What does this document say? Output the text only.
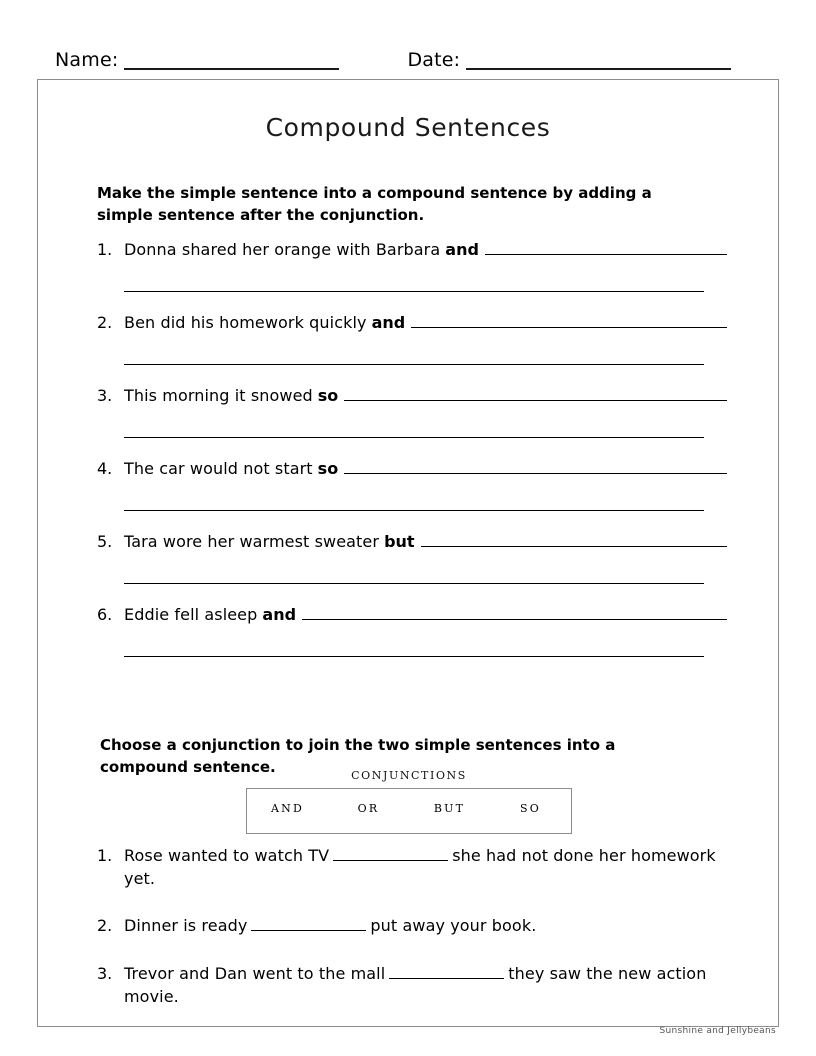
Name:	Date:
Compound Sentences
Make the simple sentence into a compound sentence by adding a simple sentence after the conjunction.
1. Donna shared her orange with Barbara and
2. Ben did his homework quickly and
3. This morning it snowed so
4. The car would not start so
5. Tara wore her warmest sweater but
6. Eddie fell asleep and
Choose a conjunction to join the two simple sentences into a compound sentence.	CONJUNCTIONS
AND	OR	BUT	SO
1. Rose wanted to watch TV	she had not done her homework yet.
2. Dinner is ready	put away your book.
3. Trevor and Dan went to the mall	they saw the new action movie.
Sunshine and Jellybeans
